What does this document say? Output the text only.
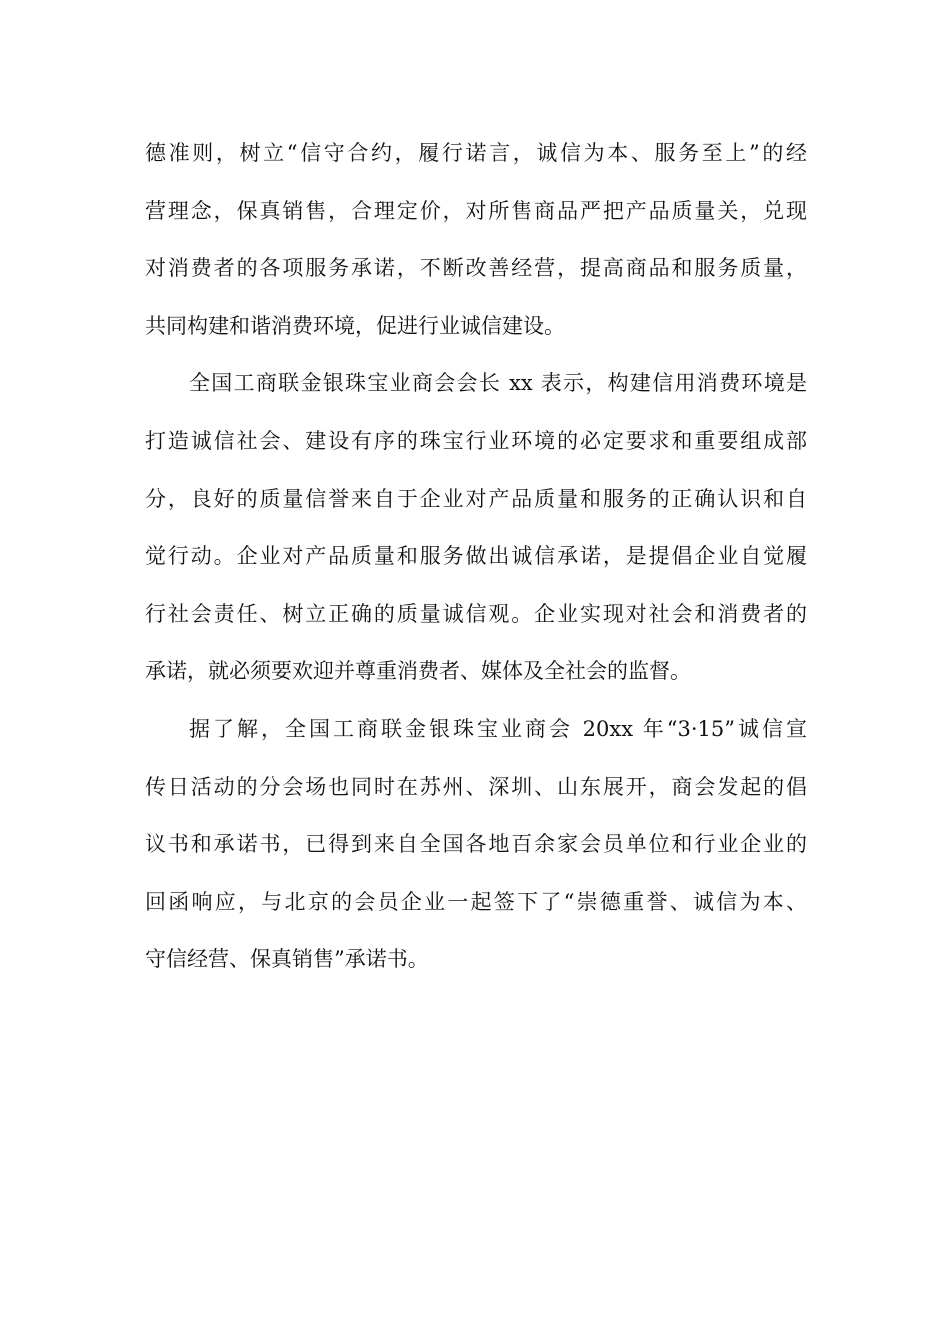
德准则，树立“信守合约，履行诺言，诚信为本、服务至上”的经
营理念，保真销售，合理定价，对所售商品严把产品质量关，兑现
对消费者的各项服务承诺，不断改善经营，提高商品和服务质量，
共同构建和谐消费环境，促进行业诚信建设。
全国工商联金银珠宝业商会会长 xx 表示，构建信用消费环境是
打造诚信社会、建设有序的珠宝行业环境的必定要求和重要组成部
分，良好的质量信誉来自于企业对产品质量和服务的正确认识和自
觉行动。企业对产品质量和服务做出诚信承诺，是提倡企业自觉履
行社会责任、树立正确的质量诚信观。企业实现对社会和消费者的
承诺，就必须要欢迎并尊重消费者、媒体及全社会的监督。
据了解，全国工商联金银珠宝业商会 20xx 年“3·15”诚信宣
传日活动的分会场也同时在苏州、深圳、山东展开，商会发起的倡
议书和承诺书，已得到来自全国各地百余家会员单位和行业企业的
回函响应，与北京的会员企业一起签下了“崇德重誉、诚信为本、
守信经营、保真销售”承诺书。
